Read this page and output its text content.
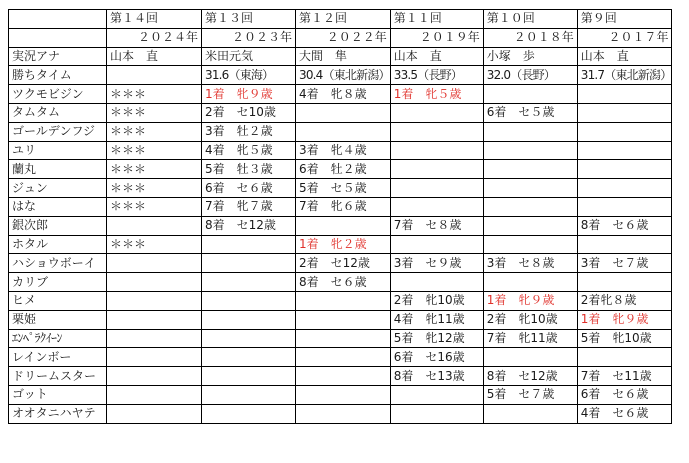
	第１４回	第１３回	第１２回	第１１回	第１０回	第９回
	２０２４年	２０２３年	２０２２年	２０１９年	２０１８年	２０１７年
実況アナ	山本　直	米田元気	大間　隼	山本　直	小塚　歩	山本　直
勝ちタイム		31.6（東海）	30.4（東北新潟）	33.5（長野）	32.0（長野）	31.7（東北新潟）
ツクモビジン	＊＊＊	1着　牝９歳	4着　牝８歳	1着　牝５歳		
タムタム	＊＊＊	2着　セ10歳			6着　セ５歳	
ゴールデンフジ	＊＊＊	3着　牡２歳				
ユリ	＊＊＊	4着　牝５歳	3着　牝４歳			
蘭丸	＊＊＊	5着　牡３歳	6着　牡２歳			
ジュン	＊＊＊	6着　セ６歳	5着　セ５歳			
はな	＊＊＊	7着　牝７歳	7着　牝６歳			
銀次郎		8着　セ12歳		7着　セ８歳		8着　セ６歳
ホタル	＊＊＊		1着　牝２歳			
ハショウボーイ			2着　セ12歳	3着　セ９歳	3着　セ８歳	3着　セ７歳
カリブ			8着　セ６歳			
ヒメ				2着　牝10歳	1着　牝９歳	2着牝８歳
栗姫				4着　牝11歳	2着　牝10歳	1着　牝９歳
ｴﾝﾍﾟﾗｸｲｰﾝ				5着　牝12歳	7着　牝11歳	5着　牝10歳
レインボー				6着　セ16歳		
ドリームスター				8着　セ13歳	8着　セ12歳	7着　セ11歳
ゴット					5着　セ７歳	6着　セ６歳
オオタニハヤテ						4着　セ６歳
